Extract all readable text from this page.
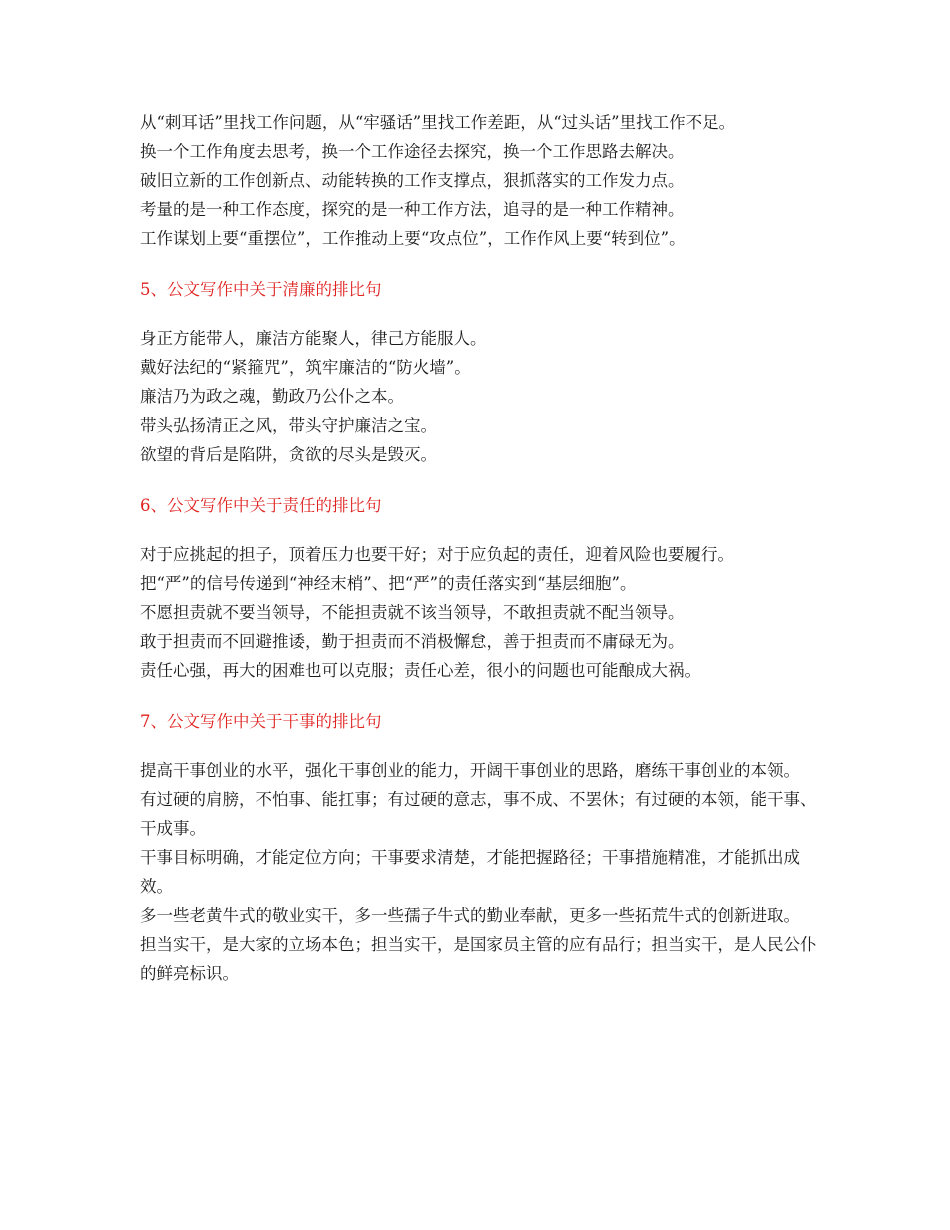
从“刺耳话”里找工作问题，从“牢骚话”里找工作差距，从“过头话”里找工作不足。

换一个工作角度去思考，换一个工作途径去探究，换一个工作思路去解决。

破旧立新的工作创新点、动能转换的工作支撑点，狠抓落实的工作发力点。

考量的是一种工作态度，探究的是一种工作方法，追寻的是一种工作精神。

工作谋划上要“重摆位”，工作推动上要“攻点位”，工作作风上要“转到位”。

5、公文写作中关于清廉的排比句

身正方能带人，廉洁方能聚人，律己方能服人。

戴好法纪的“紧箍咒”，筑牢廉洁的“防火墙”。

廉洁乃为政之魂，勤政乃公仆之本。

带头弘扬清正之风，带头守护廉洁之宝。

欲望的背后是陷阱，贪欲的尽头是毁灭。

6、公文写作中关于责任的排比句

对于应挑起的担子，顶着压力也要干好；对于应负起的责任，迎着风险也要履行。

把“严”的信号传递到“神经末梢”、把“严”的责任落实到“基层细胞”。

不愿担责就不要当领导，不能担责就不该当领导，不敢担责就不配当领导。

敢于担责而不回避推诿，勤于担责而不消极懈怠，善于担责而不庸碌无为。

责任心强，再大的困难也可以克服；责任心差，很小的问题也可能酿成大祸。

7、公文写作中关于干事的排比句

提高干事创业的水平，强化干事创业的能力，开阔干事创业的思路，磨练干事创业的本领。

有过硬的肩膀，不怕事、能扛事；有过硬的意志，事不成、不罢休；有过硬的本领，能干事、干成事。

干事目标明确，才能定位方向；干事要求清楚，才能把握路径；干事措施精准，才能抓出成效。

多一些老黄牛式的敬业实干，多一些孺子牛式的勤业奉献，更多一些拓荒牛式的创新进取。

担当实干，是大家的立场本色；担当实干，是国家员主管的应有品行；担当实干，是人民公仆的鲜亮标识。
